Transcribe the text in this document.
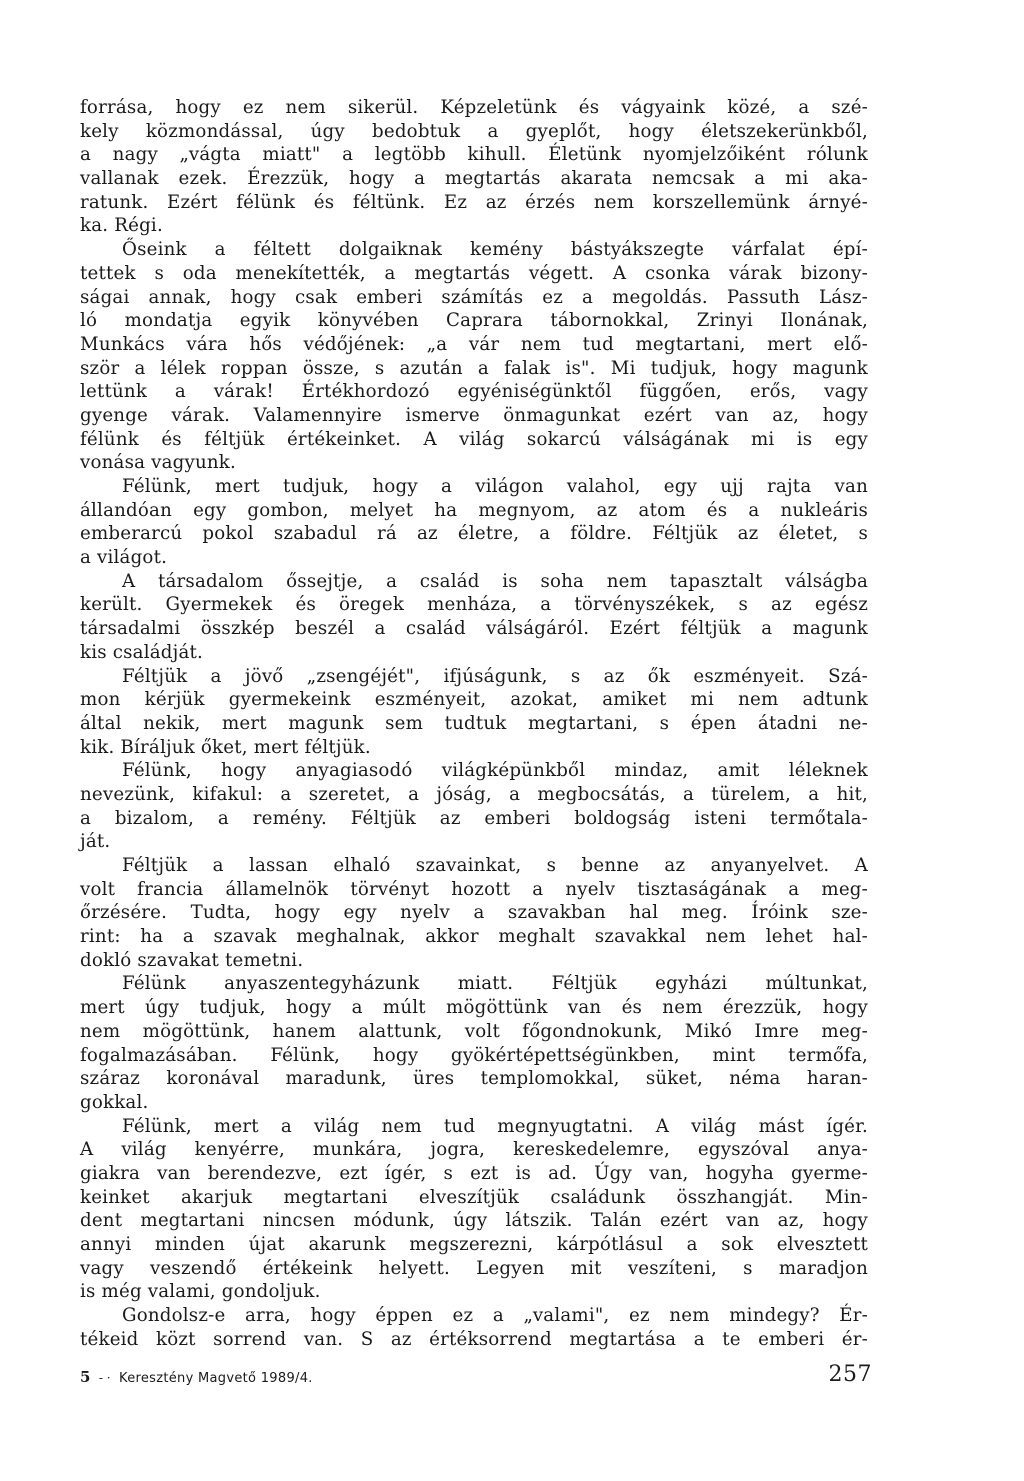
forrása, hogy ez nem sikerül. Képzeletünk és vágyaink közé, a szé-
kely közmondással, úgy bedobtuk a gyeplőt, hogy életszekerünkből,
a nagy „vágta miatt" a legtöbb kihull. Életünk nyomjelzőiként rólunk
vallanak ezek. Érezzük, hogy a megtartás akarata nemcsak a mi aka-
ratunk. Ezért félünk és féltünk. Ez az érzés nem korszellemünk árnyé-
ka. Régi.
Őseink a féltett dolgaiknak kemény bástyákszegte várfalat épí-
tettek s oda menekítették, a megtartás végett. A csonka várak bizony-
ságai annak, hogy csak emberi számítás ez a megoldás. Passuth Lász-
ló mondatja egyik könyvében Caprara tábornokkal, Zrinyi Ilonának,
Munkács vára hős védőjének: „a vár nem tud megtartani, mert elő-
ször a lélek roppan össze, s azután a falak is". Mi tudjuk, hogy magunk
lettünk a várak! Értékhordozó egyéniségünktől függően, erős, vagy
gyenge várak. Valamennyire ismerve önmagunkat ezért van az, hogy
félünk és féltjük értékeinket. A világ sokarcú válságának mi is egy
vonása vagyunk.
Félünk, mert tudjuk, hogy a világon valahol, egy ujj rajta van
állandóan egy gombon, melyet ha megnyom, az atom és a nukleáris
emberarcú pokol szabadul rá az életre, a földre. Féltjük az életet, s
a világot.
A társadalom őssejtje, a család is soha nem tapasztalt válságba
került. Gyermekek és öregek menháza, a törvényszékek, s az egész
társadalmi összkép beszél a család válságáról. Ezért féltjük a magunk
kis családját.
Féltjük a jövő „zsengéjét", ifjúságunk, s az ők eszményeit. Szá-
mon kérjük gyermekeink eszményeit, azokat, amiket mi nem adtunk
által nekik, mert magunk sem tudtuk megtartani, s épen átadni ne-
kik. Bíráljuk őket, mert féltjük.
Félünk, hogy anyagiasodó világképünkből mindaz, amit léleknek
nevezünk, kifakul: a szeretet, a jóság, a megbocsátás, a türelem, a hit,
a bizalom, a remény. Féltjük az emberi boldogság isteni termőtala-
ját.
Féltjük a lassan elhaló szavainkat, s benne az anyanyelvet. A
volt francia államelnök törvényt hozott a nyelv tisztaságának a meg-
őrzésére. Tudta, hogy egy nyelv a szavakban hal meg. Íróink sze-
rint: ha a szavak meghalnak, akkor meghalt szavakkal nem lehet hal-
dokló szavakat temetni.
Félünk anyaszentegyházunk miatt. Féltjük egyházi múltunkat,
mert úgy tudjuk, hogy a múlt mögöttünk van és nem érezzük, hogy
nem mögöttünk, hanem alattunk, volt főgondnokunk, Mikó Imre meg-
fogalmazásában. Félünk, hogy gyökértépettségünkben, mint termőfa,
száraz koronával maradunk, üres templomokkal, süket, néma haran-
gokkal.
Félünk, mert a világ nem tud megnyugtatni. A világ mást ígér.
A világ kenyérre, munkára, jogra, kereskedelemre, egyszóval anya-
giakra van berendezve, ezt ígér, s ezt is ad. Úgy van, hogyha gyerme-
keinket akarjuk megtartani elveszítjük családunk összhangját. Min-
dent megtartani nincsen módunk, úgy látszik. Talán ezért van az, hogy
annyi minden újat akarunk megszerezni, kárpótlásul a sok elvesztett
vagy veszendő értékeink helyett. Legyen mit veszíteni, s maradjon
is még valami, gondoljuk.
Gondolsz-e arra, hogy éppen ez a „valami", ez nem mindegy? Ér-
tékeid közt sorrend van. S az értéksorrend megtartása a te emberi ér-
5 - · Keresztény Magvető 1989/4.	257
